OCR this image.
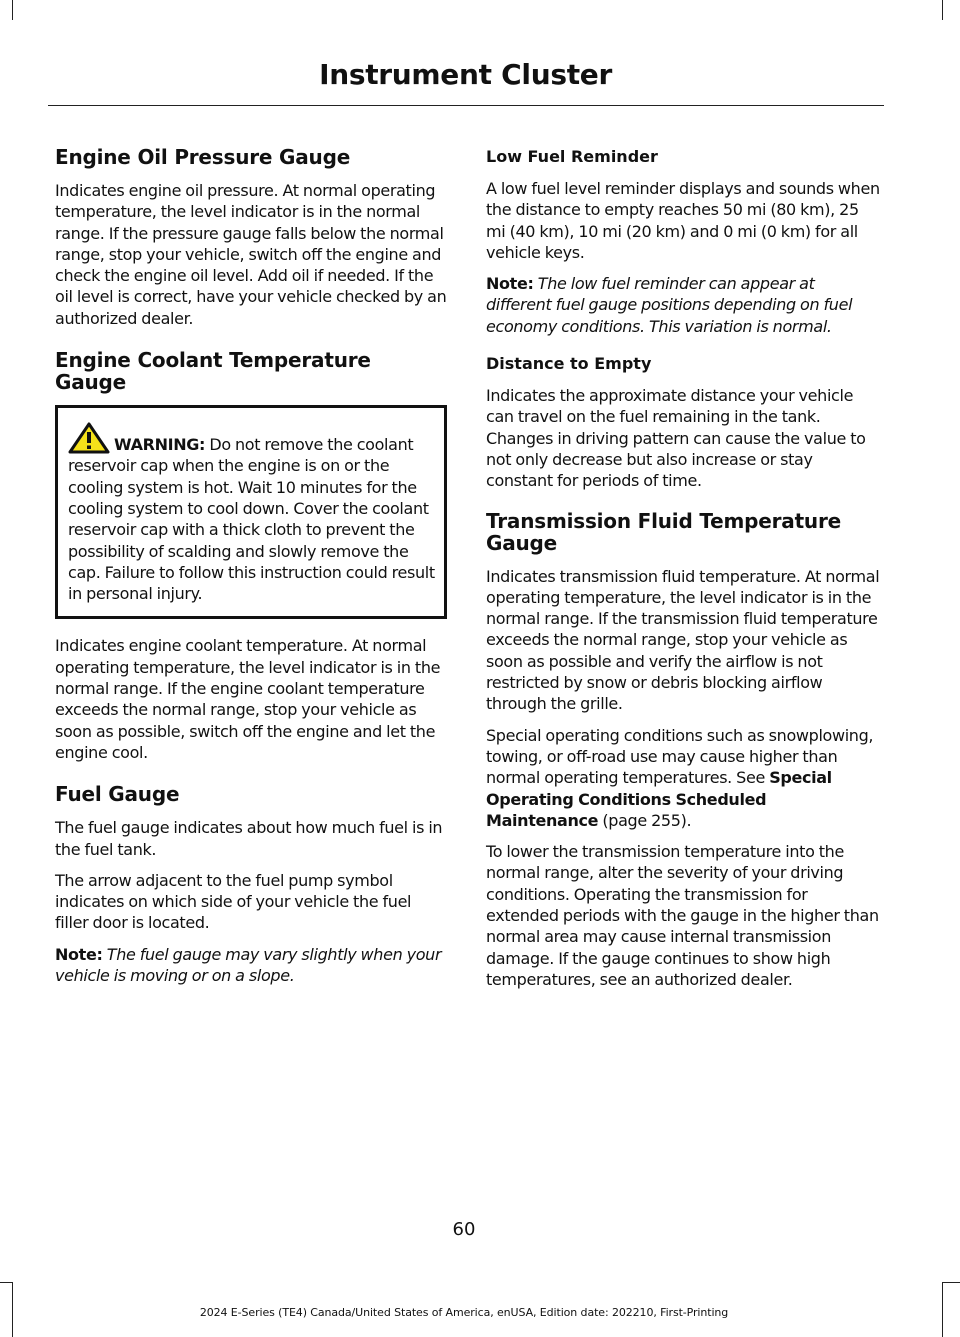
Instrument Cluster
Engine Oil Pressure Gauge

Indicates engine oil pressure. At normal operating temperature, the level indicator is in the normal range. If the pressure gauge falls below the normal range, stop your vehicle, switch off the engine and check the engine oil level. Add oil if needed. If the oil level is correct, have your vehicle checked by an authorized dealer.

Engine Coolant Temperature Gauge

WARNING: Do not remove the coolant reservoir cap when the engine is on or the cooling system is hot. Wait 10 minutes for the cooling system to cool down. Cover the coolant reservoir cap with a thick cloth to prevent the possibility of scalding and slowly remove the cap. Failure to follow this instruction could result in personal injury.

Indicates engine coolant temperature. At normal operating temperature, the level indicator is in the normal range. If the engine coolant temperature exceeds the normal range, stop your vehicle as soon as possible, switch off the engine and let the engine cool.

Fuel Gauge

The fuel gauge indicates about how much fuel is in the fuel tank.

The arrow adjacent to the fuel pump symbol indicates on which side of your vehicle the fuel filler door is located.

Note: The fuel gauge may vary slightly when your vehicle is moving or on a slope.

Low Fuel Reminder

A low fuel level reminder displays and sounds when the distance to empty reaches 50 mi (80 km), 25 mi (40 km), 10 mi (20 km) and 0 mi (0 km) for all vehicle keys.

Note: The low fuel reminder can appear at different fuel gauge positions depending on fuel economy conditions. This variation is normal.

Distance to Empty

Indicates the approximate distance your vehicle can travel on the fuel remaining in the tank. Changes in driving pattern can cause the value to not only decrease but also increase or stay constant for periods of time.

Transmission Fluid Temperature Gauge

Indicates transmission fluid temperature. At normal operating temperature, the level indicator is in the normal range. If the transmission fluid temperature exceeds the normal range, stop your vehicle as soon as possible and verify the airflow is not restricted by snow or debris blocking airflow through the grille.

Special operating conditions such as snowplowing, towing, or off-road use may cause higher than normal operating temperatures. See Special Operating Conditions Scheduled Maintenance (page 255).

To lower the transmission temperature into the normal range, alter the severity of your driving conditions. Operating the transmission for extended periods with the gauge in the higher than normal area may cause internal transmission damage. If the gauge continues to show high temperatures, see an authorized dealer.

60
2024 E-Series (TE4) Canada/United States of America, enUSA, Edition date: 202210, First-Printing
